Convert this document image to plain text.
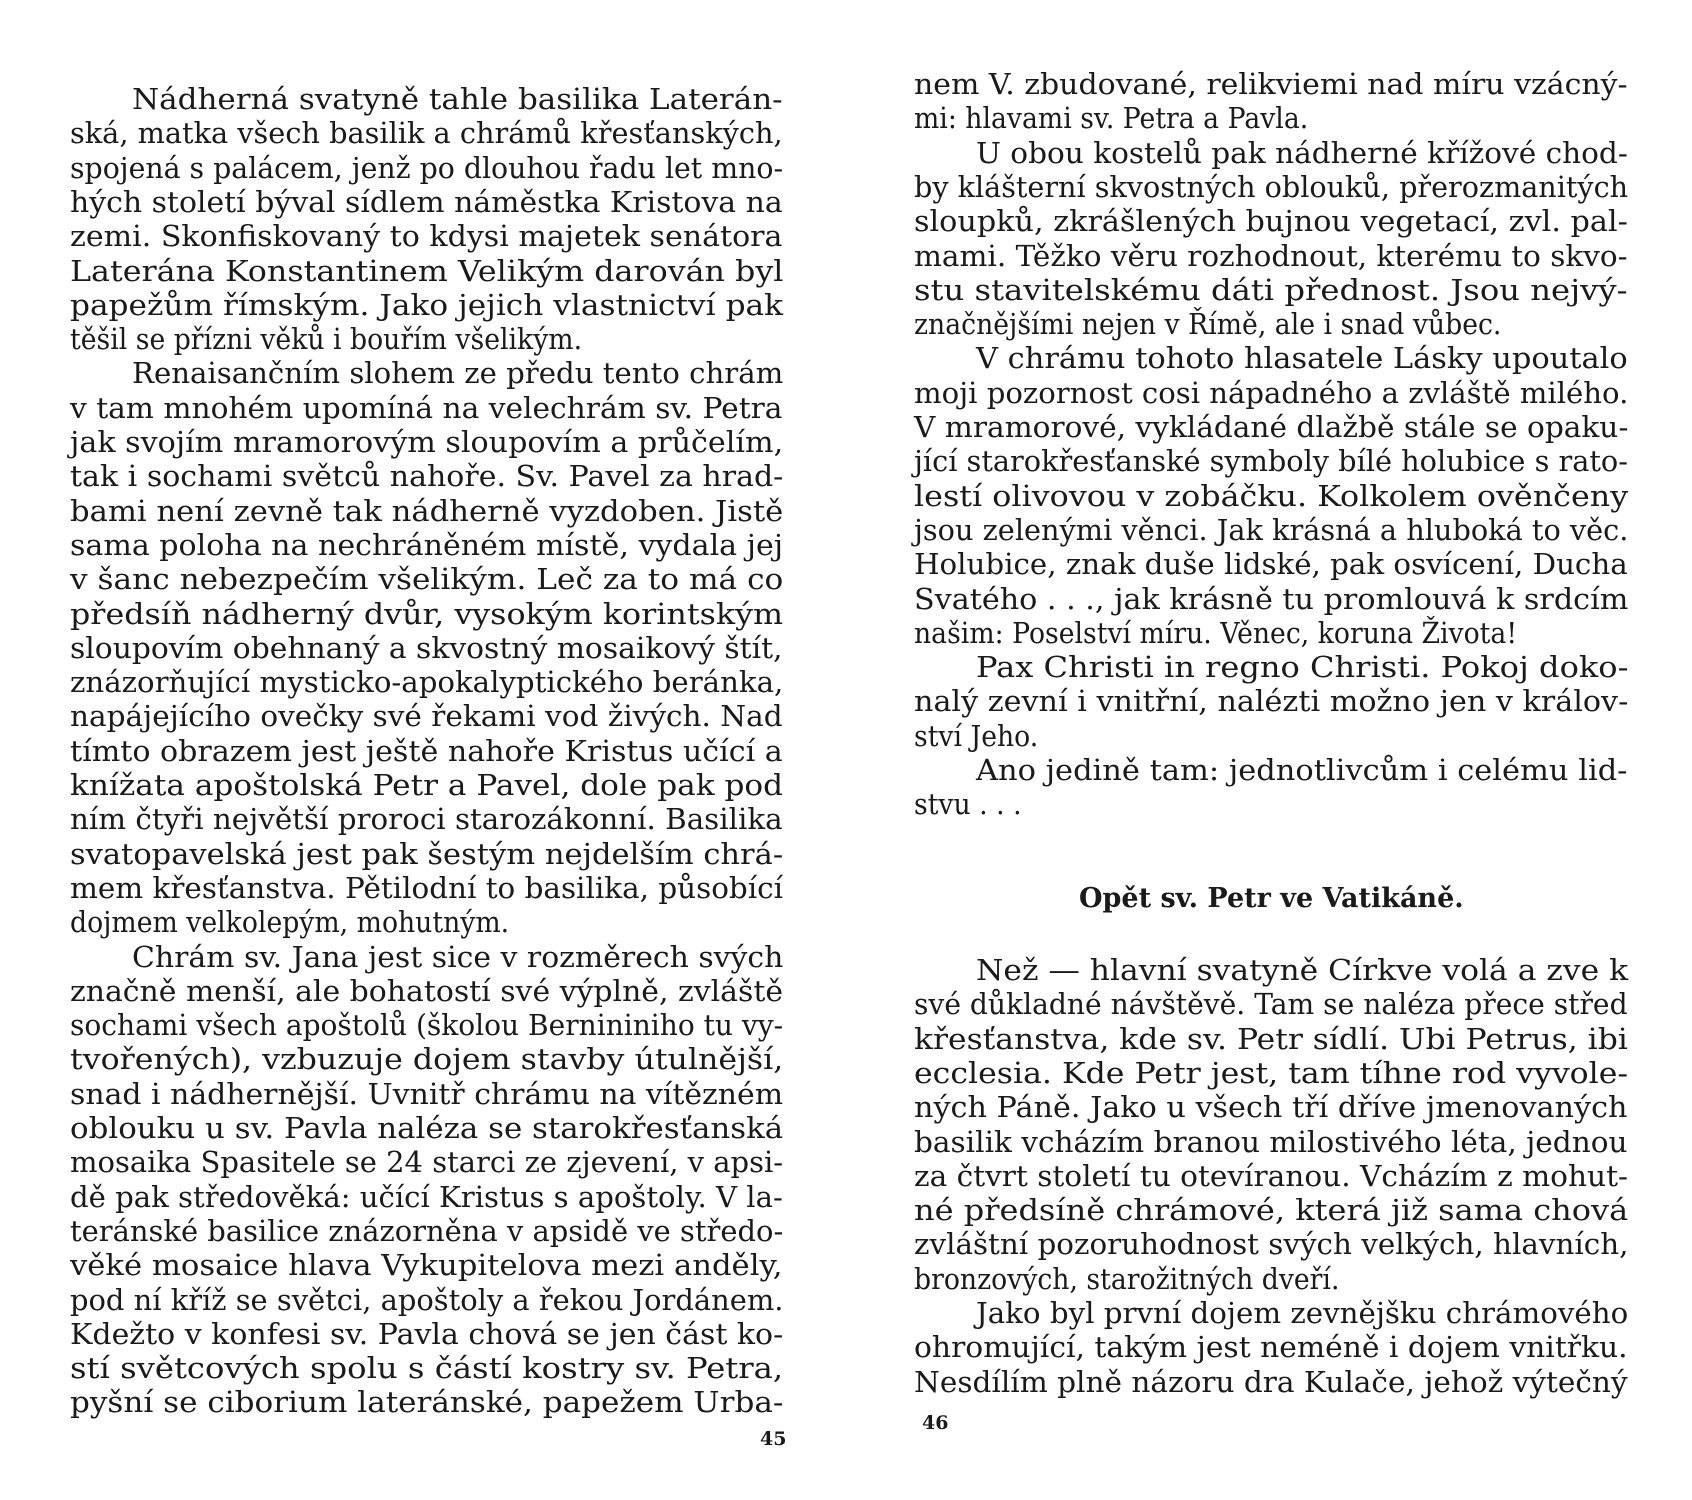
45
Nádherná svatyně tahle basilika Laterán-
ská, matka všech basilik a chrámů křesťanských,
spojená s palácem, jenž po dlouhou řadu let mno-
hých století býval sídlem náměstka Kristova na
zemi. Skonfiskovaný to kdysi majetek senátora
Lateránа Konstantinem Velikým darován byl
papežům římským. Jako jejich vlastnictví pak
těšil se přízni věků i bouřím všelikým.
Renaisančním slohem ze předu tento chrám
v tam mnohém upomíná na velechrám sv. Petra
jak svojím mramorovým sloupovím a průčelím,
tak i sochami světců nahoře. Sv. Pavel za hrad-
bami není zevně tak nádherně vyzdoben. Jistě
sama poloha na nechráněném místě, vydala jej
v šanc nebezpečím všelikým. Leč za to má co
předsíň nádherný dvůr, vysokým korintským
sloupovím obehnaný a skvostný mosaikový štít,
znázorňující mysticko-apokalyptického beránka,
napájejícího ovečky své řekami vod živých. Nad
tímto obrazem jest ještě nahoře Kristus učící a
knížata apoštolská Petr a Pavel, dole pak pod
ním čtyři největší proroci starozákonní. Basilika
svatopavelská jest pak šestým nejdelším chrá-
mem křesťanstva. Pětilodní to basilika, působící
dojmem velkolepým, mohutným.
Chrám sv. Jana jest sice v rozměrech svých
značně menší, ale bohatostí své výplně, zvláště
sochami všech apoštolů (školou Bernininiho tu vy-
tvořených), vzbuzuje dojem stavby útulnější,
snad i nádhernější. Uvnitř chrámu na vítězném
oblouku u sv. Pavla naléza se starokřesťanská
mosaika Spasitele se 24 starci ze zjevení, v apsi-
dě pak středověká: učící Kristus s apoštoly. V la-
teránské basilice znázorněna v apsidě ve středo-
věké mosaice hlava Vykupitelova mezi anděly,
pod ní kříž se světci, apoštoly a řekou Jordánem.
Kdežto v konfesi sv. Pavla chová se jen část ko-
stí světcových spolu s částí kostry sv. Petra,
pyšní se ciborium lateránské, papežem Urba-
Opět sv. Petr ve Vatikáně.
46
nem V. zbudované, relikviemi nad míru vzácný-
mi: hlavami sv. Petra a Pavla.
U obou kostelů pak nádherné křížové chod-
by klášterní skvostných oblouků, přerozmanitých
sloupků, zkrášlených bujnou vegetací, zvl. pal-
mami. Těžko věru rozhodnout, kterému to skvo-
stu stavitelskému dáti přednost. Jsou nejvý-
značnějšími nejen v Římě, ale i snad vůbec.
V chrámu tohoto hlasatele Lásky upoutalo
moji pozornost cosi nápadného a zvláště milého.
V mramorové, vykládané dlažbě stále se opaku-
jící starokřesťanské symboly bílé holubice s rato-
lestí olivovou v zobáčku. Kolkolem ověnčeny
jsou zelenými věnci. Jak krásná a hluboká to věc.
Holubice, znak duše lidské, pak osvícení, Ducha
Svatého . . ., jak krásně tu promlouvá k srdcím
našim: Poselství míru. Věnec, koruna Života!
Pax Christi in regno Christi. Pokoj doko-
nalý zevní i vnitřní, nalézti možno jen v králov-
ství Jeho.
Ano jedině tam: jednotlivcům i celému lid-
stvu . . .
Než — hlavní svatyně Církve volá a zve k
své důkladné návštěvě. Tam se naléza přece střed
křesťanstva, kde sv. Petr sídlí. Ubi Petrus, ibi
ecclesia. Kde Petr jest, tam tíhne rod vyvole-
ných Páně. Jako u všech tří dříve jmenovaných
basilik vcházím branou milostivého léta, jednou
za čtvrt století tu otevíranou. Vcházím z mohut-
né předsíně chrámové, která již sama chová
zvláštní pozoruhodnost svých velkých, hlavních,
bronzových, starožitných dveří.
Jako byl první dojem zevnějšku chrámového
ohromující, takým jest neméně i dojem vnitřku.
Nesdílím plně názoru dra Kulače, jehož výtečný
